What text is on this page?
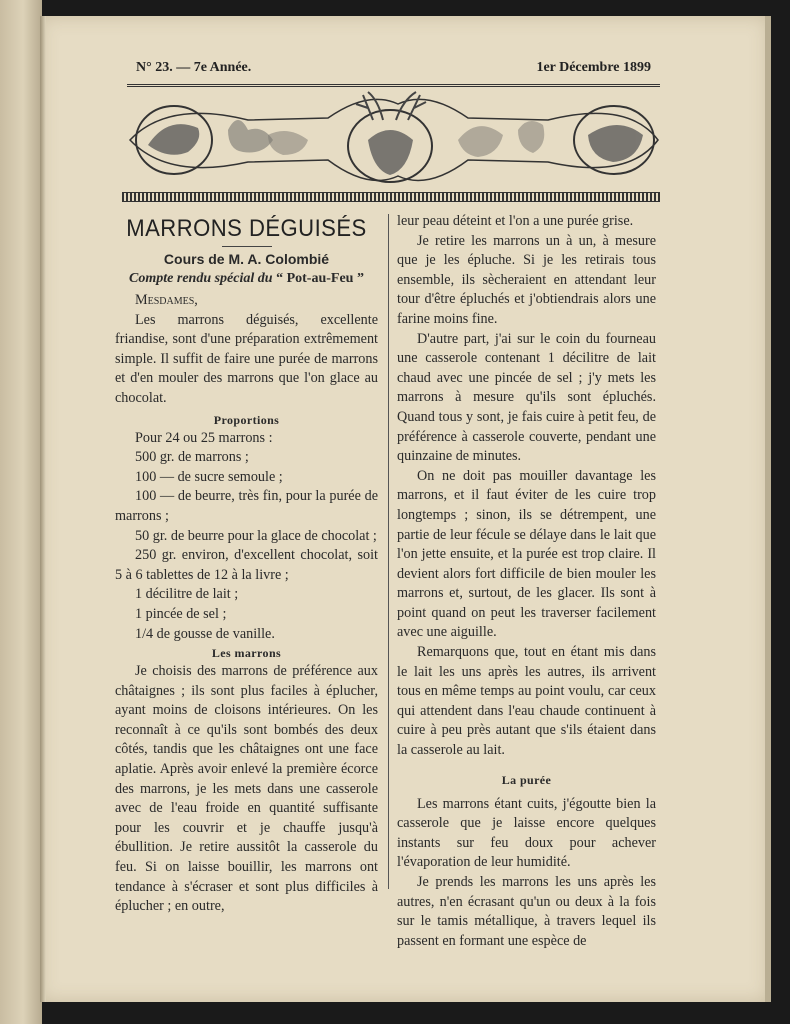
N° 23. — 7e Année.	1er Décembre 1899
MARRONS DÉGUISÉS
Cours de M. A. Colombié
Compte rendu spécial du “ Pot-au-Feu ”

Mesdames,

Les marrons déguisés, excellente friandise, sont d'une préparation extrêmement simple. Il suffit de faire une purée de marrons et d'en mouler des marrons que l'on glace au chocolat.

Proportions

Pour 24 ou 25 marrons :

500 gr. de marrons ;

100 — de sucre semoule ;

100 — de beurre, très fin, pour la purée de marrons ;

50 gr. de beurre pour la glace de chocolat ;

250 gr. environ, d'excellent chocolat, soit 5 à 6 tablettes de 12 à la livre ;

1 décilitre de lait ;

1 pincée de sel ;

1/4 de gousse de vanille.

Les marrons

Je choisis des marrons de préférence aux châtaignes ; ils sont plus faciles à éplucher, ayant moins de cloisons intérieures. On les reconnaît à ce qu'ils sont bombés des deux côtés, tandis que les châtaignes ont une face aplatie. Après avoir enlevé la première écorce des marrons, je les mets dans une casserole avec de l'eau froide en quantité suffisante pour les couvrir et je chauffe jusqu'à ébullition. Je retire aussitôt la casserole du feu. Si on laisse bouillir, les marrons ont tendance à s'écraser et sont plus difficiles à éplucher ; en outre,

leur peau déteint et l'on a une purée grise.

Je retire les marrons un à un, à mesure que je les épluche. Si je les retirais tous ensemble, ils sècheraient en attendant leur tour d'être épluchés et j'obtiendrais alors une farine moins fine.

D'autre part, j'ai sur le coin du fourneau une casserole contenant 1 décilitre de lait chaud avec une pincée de sel ; j'y mets les marrons à mesure qu'ils sont épluchés. Quand tous y sont, je fais cuire à petit feu, de préférence à casserole couverte, pendant une quinzaine de minutes.

On ne doit pas mouiller davantage les marrons, et il faut éviter de les cuire trop longtemps ; sinon, ils se détrempent, une partie de leur fécule se délaye dans le lait que l'on jette ensuite, et la purée est trop claire. Il devient alors fort difficile de bien mouler les marrons et, surtout, de les glacer. Ils sont à point quand on peut les traverser facilement avec une aiguille.

Remarquons que, tout en étant mis dans le lait les uns après les autres, ils arrivent tous en même temps au point voulu, car ceux qui attendent dans l'eau chaude continuent à cuire à peu près autant que s'ils étaient dans la casserole au lait.

La purée

Les marrons étant cuits, j'égoutte bien la casserole que je laisse encore quelques instants sur feu doux pour achever l'évaporation de leur humidité.

Je prends les marrons les uns après les autres, n'en écrasant qu'un ou deux à la fois sur le tamis métallique, à travers lequel ils passent en formant une espèce de
